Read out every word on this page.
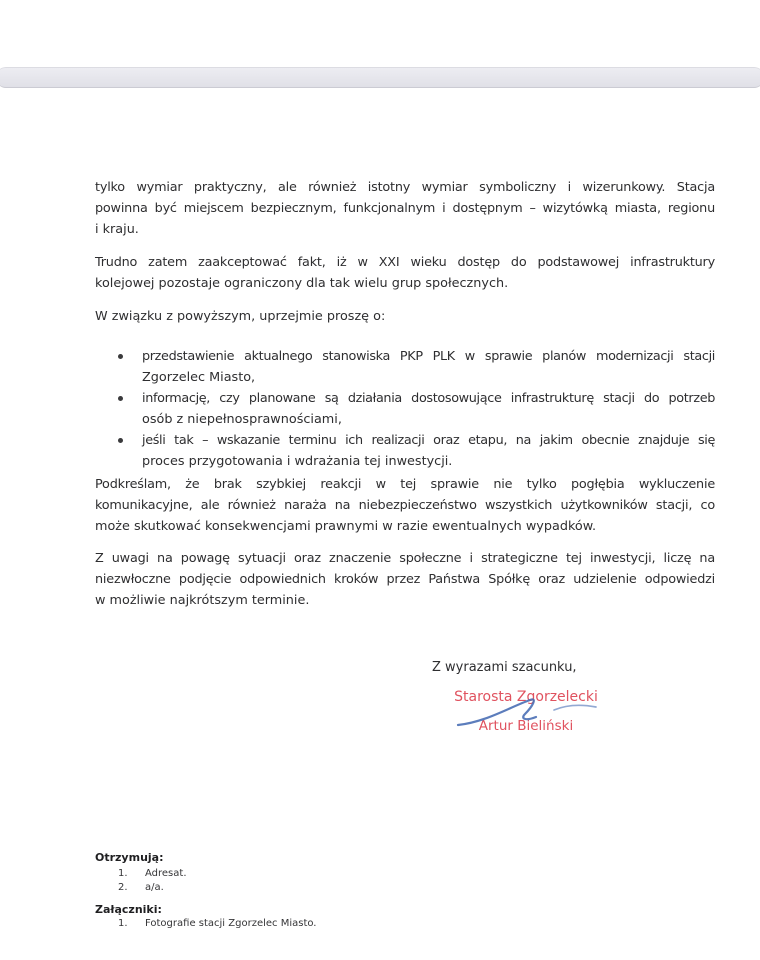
tylko wymiar praktyczny, ale również istotny wymiar symboliczny i wizerunkowy. Stacja
powinna być miejscem bezpiecznym, funkcjonalnym i dostępnym – wizytówką miasta, regionu
i kraju.
Trudno zatem zaakceptować fakt, iż w XXI wieku dostęp do podstawowej infrastruktury
kolejowej pozostaje ograniczony dla tak wielu grup społecznych.
W związku z powyższym, uprzejmie proszę o:
przedstawienie aktualnego stanowiska PKP PLK w sprawie planów modernizacji stacji
Zgorzelec Miasto,
informację, czy planowane są działania dostosowujące infrastrukturę stacji do potrzeb
osób z niepełnosprawnościami,
jeśli tak – wskazanie terminu ich realizacji oraz etapu, na jakim obecnie znajduje się
proces przygotowania i wdrażania tej inwestycji.
Podkreślam, że brak szybkiej reakcji w tej sprawie nie tylko pogłębia wykluczenie
komunikacyjne, ale również naraża na niebezpieczeństwo wszystkich użytkowników stacji, co
może skutkować konsekwencjami prawnymi w razie ewentualnych wypadków.
Z uwagi na powagę sytuacji oraz znaczenie społeczne i strategiczne tej inwestycji, liczę na
niezwłoczne podjęcie odpowiednich kroków przez Państwa Spółkę oraz udzielenie odpowiedzi
w możliwie najkrótszym terminie.
Z wyrazami szacunku,
Starosta Zgorzelecki
Artur Bieliński
Otrzymują:
1. Adresat.
2. a/a.
Załączniki:
1. Fotografie stacji Zgorzelec Miasto.
